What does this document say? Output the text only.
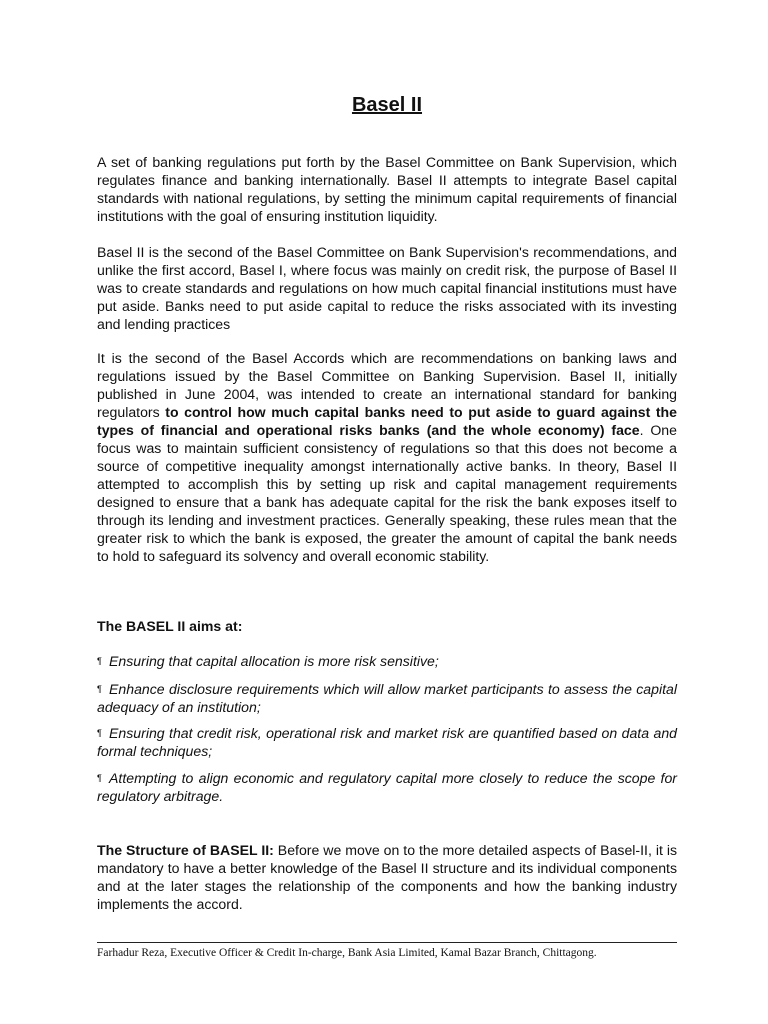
Basel II

A set of banking regulations put forth by the Basel Committee on Bank Supervision, which regulates finance and banking internationally. Basel II attempts to integrate Basel capital standards with national regulations, by setting the minimum capital requirements of financial institutions with the goal of ensuring institution liquidity.

Basel II is the second of the Basel Committee on Bank Supervision's recommendations, and unlike the first accord, Basel I, where focus was mainly on credit risk, the purpose of Basel II was to create standards and regulations on how much capital financial institutions must have put aside. Banks need to put aside capital to reduce the risks associated with its investing and lending practices

It is the second of the Basel Accords which are recommendations on banking laws and regulations issued by the Basel Committee on Banking Supervision. Basel II, initially published in June 2004, was intended to create an international standard for banking regulators to control how much capital banks need to put aside to guard against the types of financial and operational risks banks (and the whole economy) face. One focus was to maintain sufficient consistency of regulations so that this does not become a source of competitive inequality amongst internationally active banks. In theory, Basel II attempted to accomplish this by setting up risk and capital management requirements designed to ensure that a bank has adequate capital for the risk the bank exposes itself to through its lending and investment practices. Generally speaking, these rules mean that the greater risk to which the bank is exposed, the greater the amount of capital the bank needs to hold to safeguard its solvency and overall economic stability.

The BASEL II aims at:

¶ Ensuring that capital allocation is more risk sensitive;
¶ Enhance disclosure requirements which will allow market participants to assess the capital adequacy of an institution;
¶ Ensuring that credit risk, operational risk and market risk are quantified based on data and formal techniques;
¶ Attempting to align economic and regulatory capital more closely to reduce the scope for regulatory arbitrage.

The Structure of BASEL II: Before we move on to the more detailed aspects of Basel-II, it is mandatory to have a better knowledge of the Basel II structure and its individual components and at the later stages the relationship of the components and how the banking industry implements the accord.

Farhadur Reza, Executive Officer & Credit In-charge, Bank Asia Limited, Kamal Bazar Branch, Chittagong.
